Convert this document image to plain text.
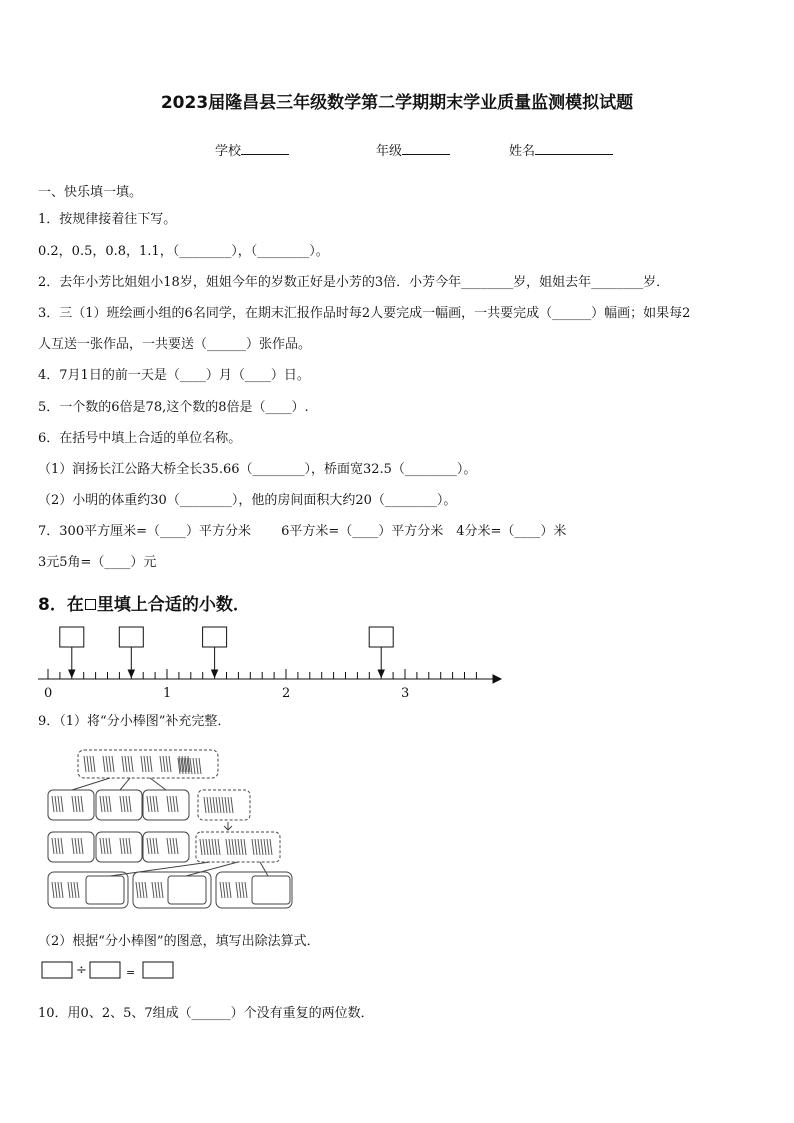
2023届隆昌县三年级数学第二学期期末学业质量监测模拟试题
学校	年级	姓名
一、快乐填一填。
1．按规律接着往下写。
0.2，0.5，0.8，1.1，（________），（________）。
2．去年小芳比姐姐小18岁，姐姐今年的岁数正好是小芳的3倍．小芳今年________岁，姐姐去年________岁．
3．三（1）班绘画小组的6名同学，在期末汇报作品时每2人要完成一幅画，一共要完成（______）幅画；如果每2
人互送一张作品，一共要送（______）张作品。
4．7月1日的前一天是（____）月（____）日。
5．一个数的6倍是78,这个数的8倍是（____）.
6．在括号中填上合适的单位名称。
（1）润扬长江公路大桥全长35.66（________），桥面宽32.5（________）。
（2）小明的体重约30（________），他的房间面积大约20（________）。
7．300平方厘米=（____）平方分米　　 6平方米=（____）平方分米　4分米=（____）米
3元5角=（____）元
8．在 里填上合适的小数．
0	1	2	3
÷	=
9．（1）将“分小棒图”补充完整．
（2）根据“分小棒图”的图意，填写出除法算式．
10．用0、2、5、7组成（______）个没有重复的两位数．
